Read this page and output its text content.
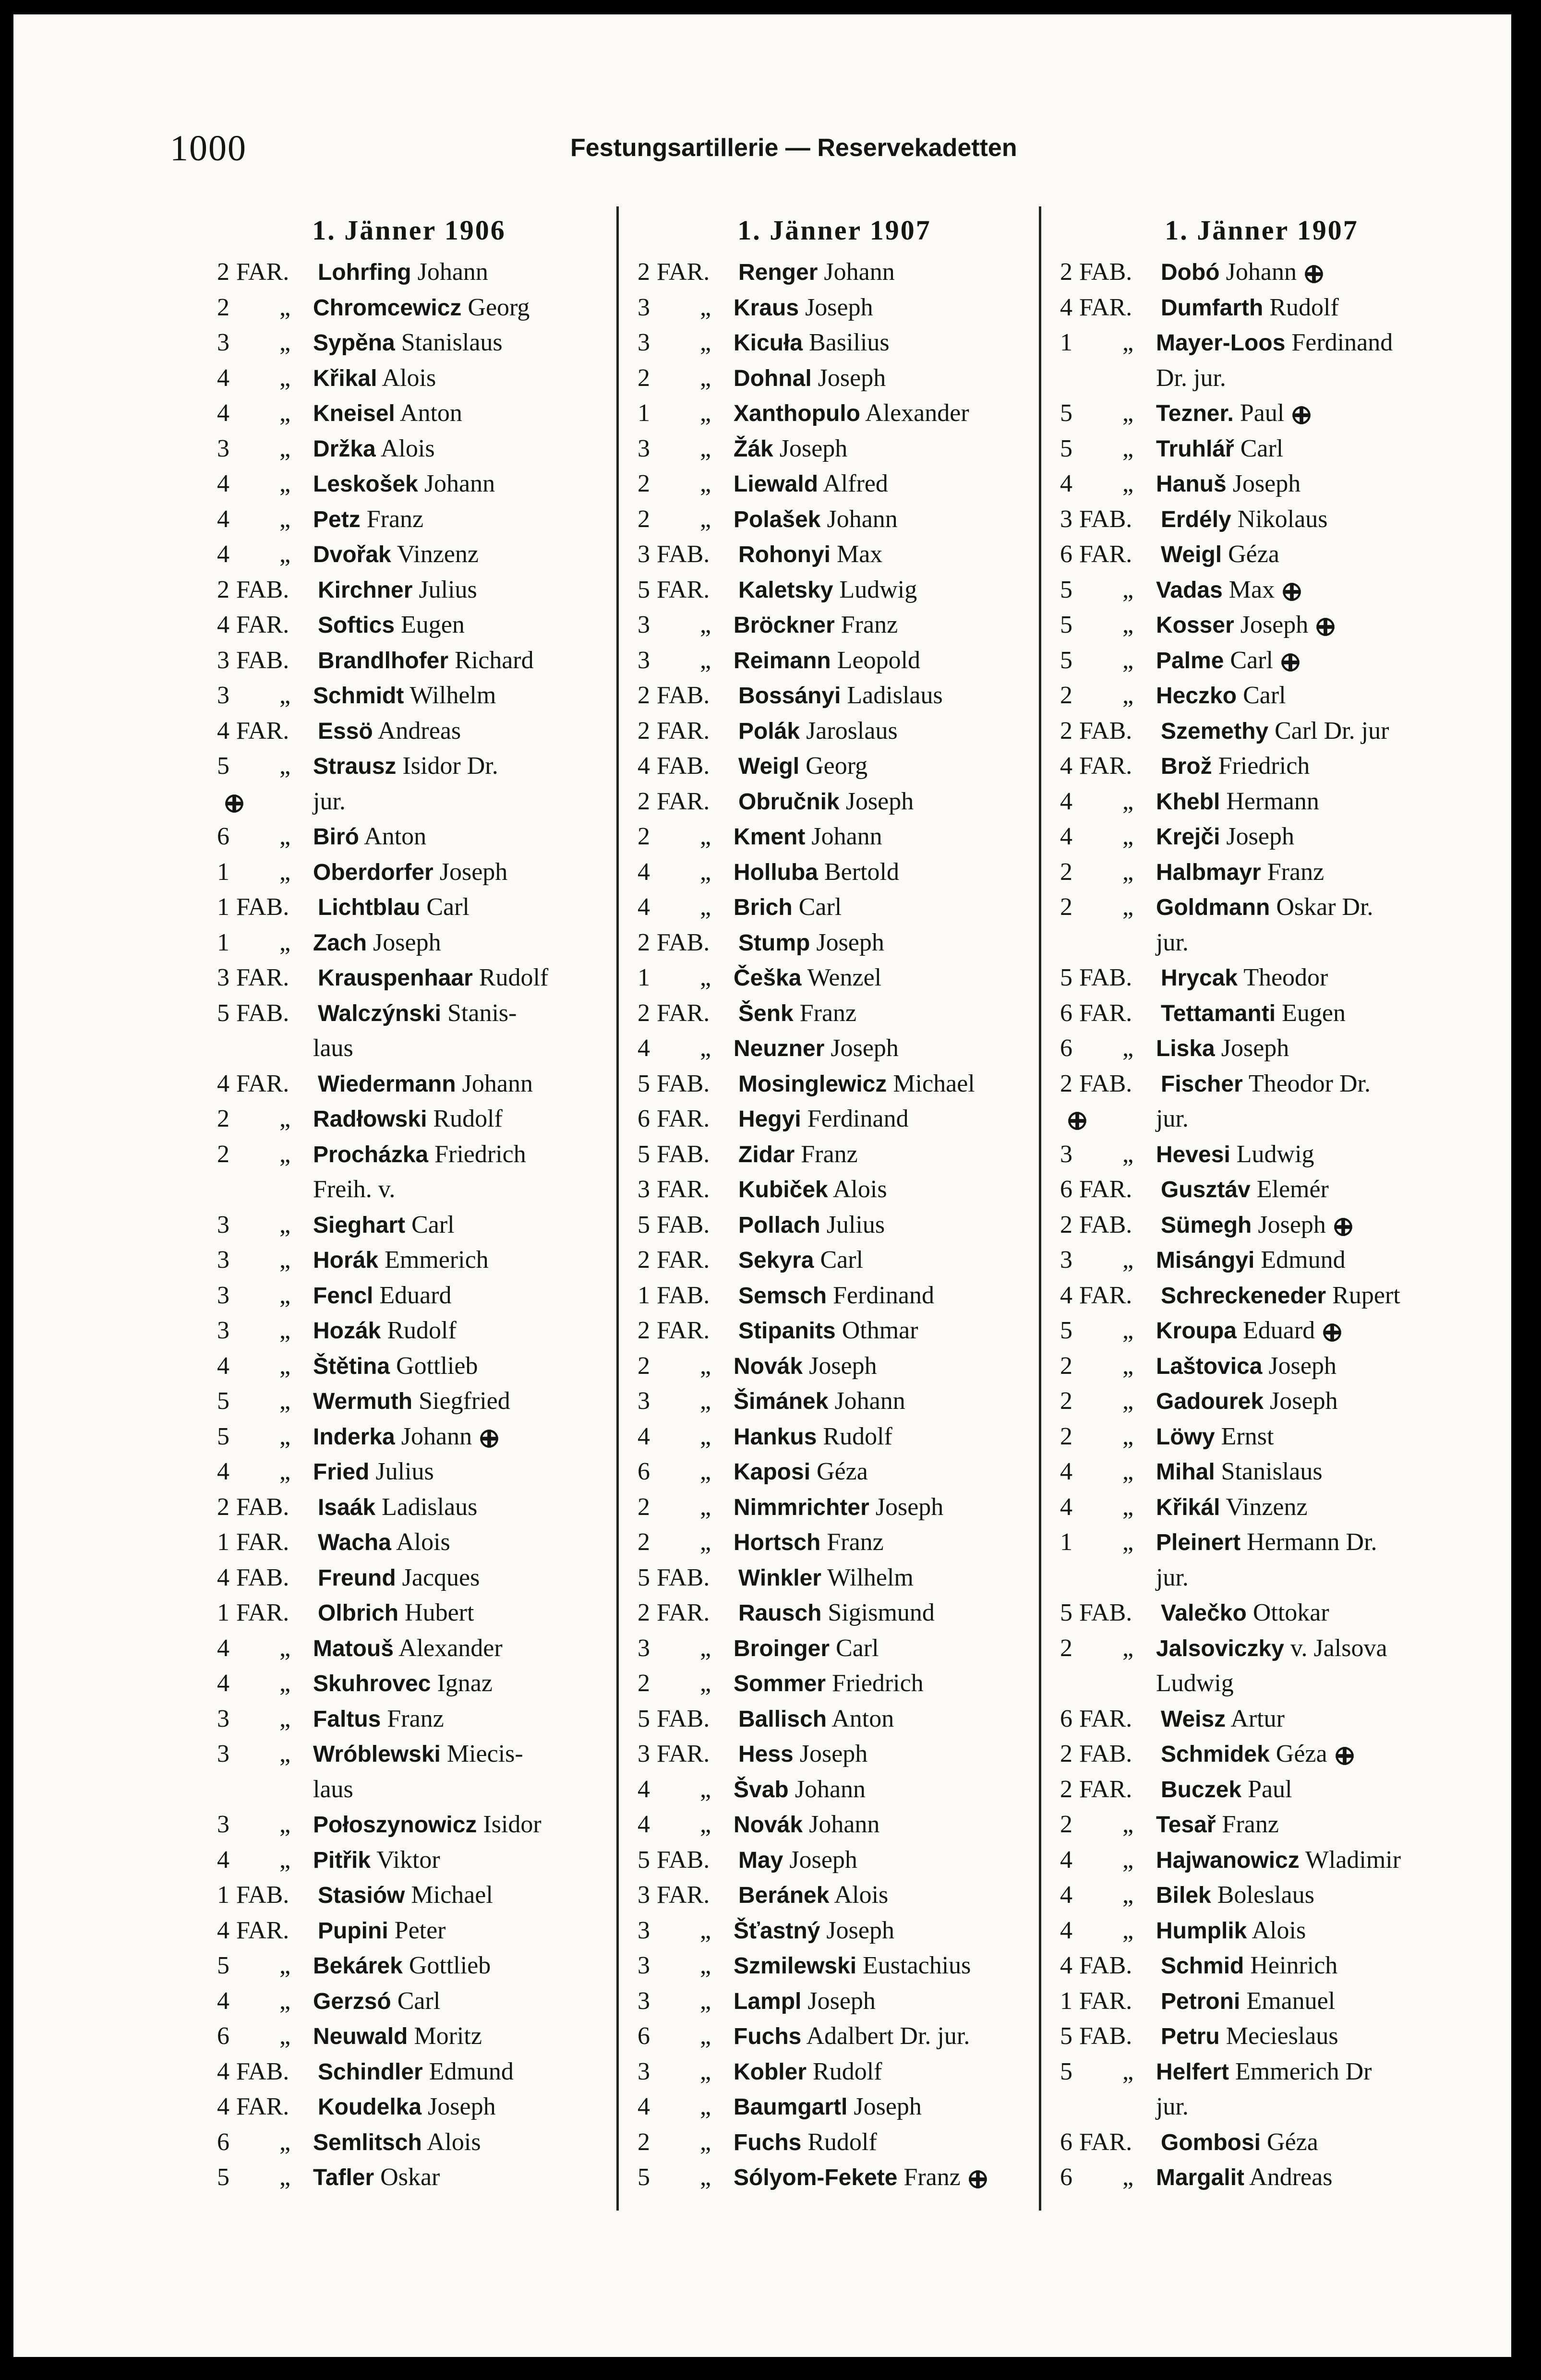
1000	Festungsartillerie — Reservekadetten
1. Jänner 1906
2 FAR. Lohrfing Johann
2	„ Chromcewicz Georg
3	„ Sypěna Stanislaus
4	„ Křikal Alois
4	„ Kneisel Anton
3	„ Držka Alois
4	„ Leskošek Johann
4	„ Petz Franz
4	„ Dvořak Vinzenz
2 FAB. Kirchner Julius
4 FAR. Softics Eugen
3 FAB. Brandlhofer Richard
3	„ Schmidt Wilhelm
4 FAR. Essö Andreas
5	„ Strausz Isidor Dr.
jur.
6	„ Biró Anton
1	„ Oberdorfer Joseph
1 FAB. Lichtblau Carl
1	„ Zach Joseph
3 FAR. Krauspenhaar Rudolf
5 FAB. Walczýnski Stanis-
laus
4 FAR. Wiedermann Johann
2	„ Radłowski Rudolf
2	„ Procházka Friedrich
Freih. v.
3	„ Sieghart Carl
3	„ Horák Emmerich
3	„ Fencl Eduard
3	„ Hozák Rudolf
4	„ Štětina Gottlieb
5	„ Wermuth Siegfried
5	„ Inderka Johann
4	„ Fried Julius
2 FAB. Isaák Ladislaus
1 FAR. Wacha Alois
4 FAB. Freund Jacques
1 FAR. Olbrich Hubert
4	„ Matouš Alexander
4	„ Skuhrovec Ignaz
3	„ Faltus Franz
3	„ Wróblewski Miecis-
laus
3	„ Połoszynowicz Isidor
4	„ Pitřik Viktor
1 FAB. Stasiów Michael
4 FAR. Pupini Peter
5	„ Bekárek Gottlieb
4	„ Gerzsó Carl
6	„ Neuwald Moritz
4 FAB. Schindler Edmund
4 FAR. Koudelka Joseph
6	„ Semlitsch Alois
5	„ Tafler Oskar
1. Jänner 1907
2 FAR. Renger Johann
3	„ Kraus Joseph
3	„ Kicuła Basilius
2	„ Dohnal Joseph
1	„ Xanthopulo Alexander
3	„ Žák Joseph
2	„ Liewald Alfred
2	„ Polašek Johann
3 FAB. Rohonyi Max
5 FAR. Kaletsky Ludwig
3	„ Bröckner Franz
3	„ Reimann Leopold
2 FAB. Bossányi Ladislaus
2 FAR. Polák Jaroslaus
4 FAB. Weigl Georg
2 FAR. Obručnik Joseph
2	„ Kment Johann
4	„ Holluba Bertold
4	„ Brich Carl
2 FAB. Stump Joseph
1	„ Češka Wenzel
2 FAR. Šenk Franz
4	„ Neuzner Joseph
5 FAB. Mosinglewicz Michael
6 FAR. Hegyi Ferdinand
5 FAB. Zidar Franz
3 FAR. Kubiček Alois
5 FAB. Pollach Julius
2 FAR. Sekyra Carl
1 FAB. Semsch Ferdinand
2 FAR. Stipanits Othmar
2	„ Novák Joseph
3	„ Šimánek Johann
4	„ Hankus Rudolf
6	„ Kaposi Géza
2	„ Nimmrichter Joseph
2	„ Hortsch Franz
5 FAB. Winkler Wilhelm
2 FAR. Rausch Sigismund
3	„ Broinger Carl
2	„ Sommer Friedrich
5 FAB. Ballisch Anton
3 FAR. Hess Joseph
4	„ Švab Johann
4	„ Novák Johann
5 FAB. May Joseph
3 FAR. Beránek Alois
3	„ Šťastný Joseph
3	„ Szmilewski Eustachius
3	„ Lampl Joseph
6	„ Fuchs Adalbert Dr. jur.
3	„ Kobler Rudolf
4	„ Baumgartl Joseph
2	„ Fuchs Rudolf
5	„ Sólyom-Fekete Franz
1. Jänner 1907
2 FAB. Dobó Johann
4 FAR. Dumfarth Rudolf
1	„ Mayer-Loos Ferdinand
Dr. jur.
5	„ Tezner. Paul
5	„ Truhlář Carl
4	„ Hanuš Joseph
3 FAB. Erdély Nikolaus
6 FAR. Weigl Géza
5	„ Vadas Max
5	„ Kosser Joseph
5	„ Palme Carl
2	„ Heczko Carl
2 FAB. Szemethy Carl Dr. jur
4 FAR. Brož Friedrich
4	„ Khebl Hermann
4	„ Krejči Joseph
2	„ Halbmayr Franz
2	„ Goldmann Oskar Dr.
jur.
5 FAB. Hrycak Theodor
6 FAR. Tettamanti Eugen
6	„ Liska Joseph
2 FAB. Fischer Theodor Dr.
jur.
3	„ Hevesi Ludwig
6 FAR. Gusztáv Elemér
2 FAB. Sümegh Joseph
3	„ Misángyi Edmund
4 FAR. Schreckeneder Rupert
5	„ Kroupa Eduard
2	„ Laštovica Joseph
2	„ Gadourek Joseph
2	„ Löwy Ernst
4	„ Mihal Stanislaus
4	„ Křikál Vinzenz
1	„ Pleinert Hermann Dr.
jur.
5 FAB. Valečko Ottokar
2	„ Jalsoviczky v. Jalsova
Ludwig
6 FAR. Weisz Artur
2 FAB. Schmidek Géza
2 FAR. Buczek Paul
2	„ Tesař Franz
4	„ Hajwanowicz Wladimir
4	„ Bilek Boleslaus
4	„ Humplik Alois
4 FAB. Schmid Heinrich
1 FAR. Petroni Emanuel
5 FAB. Petru Mecieslaus
5	„ Helfert Emmerich Dr
jur.
6 FAR. Gombosi Géza
6	„ Margalit Andreas
